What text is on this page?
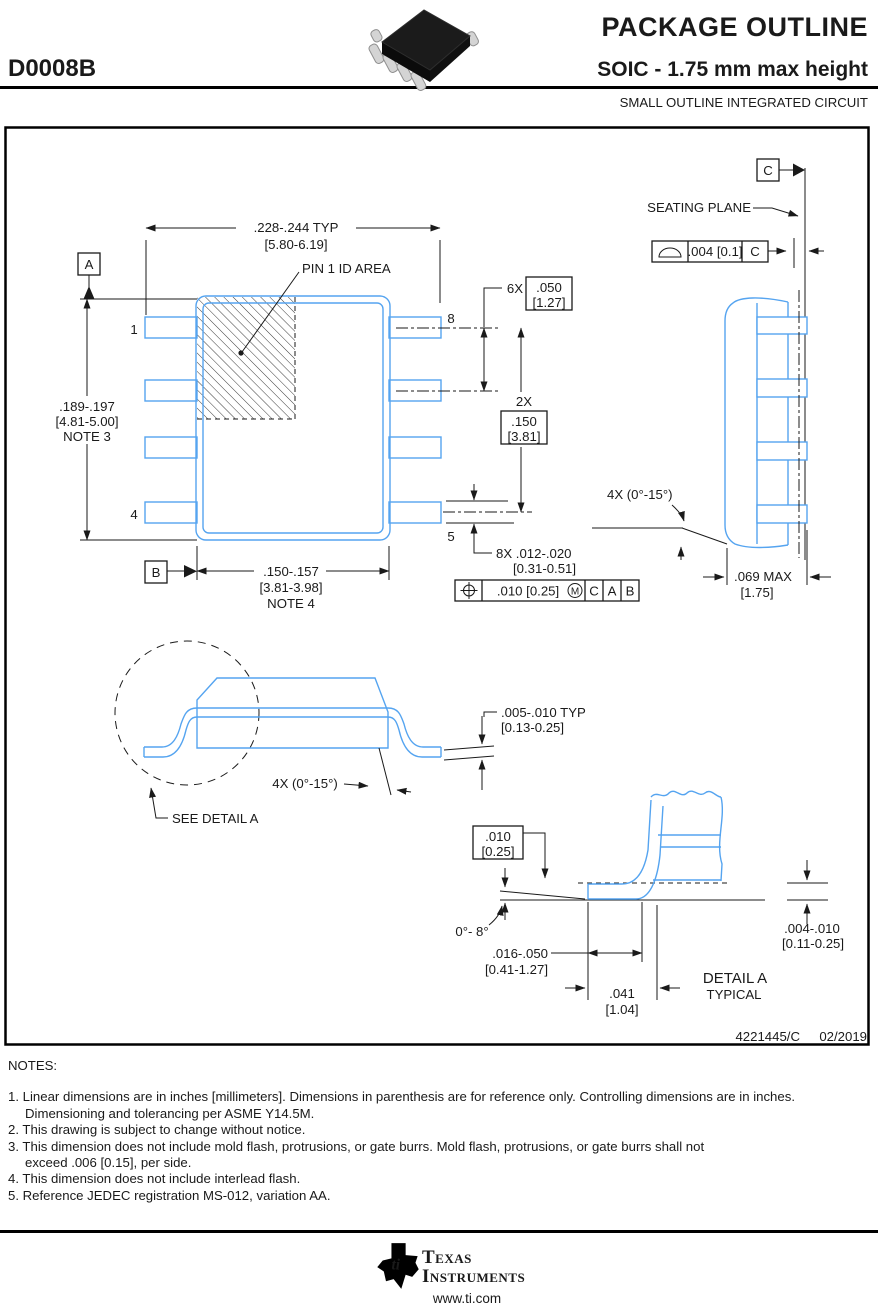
PACKAGE OUTLINE
D0008B	SOIC - 1.75 mm max height
SMALL OUTLINE INTEGRATED CIRCUIT
PIN 1 ID AREA
1
8
4
5
.228-.244 TYP
[5.80-6.19]
A
.189-.197
[4.81-5.00]
NOTE 3
B	.150-.157
[3.81-3.98]
NOTE 4
6X .050
[1.27]
2X
.150
[3.81]
8X .012-.020
[0.31-0.51]
.010 [0.25] M C A B
C
SEATING PLANE
.004 [0.1] C
4X (0°-15°)
.069 MAX
[1.75]
SEE DETAIL A
4X (0°-15°)
.005-.010 TYP
[0.13-0.25]
.010
[0.25]
0°- 8°
.016-.050
[0.41-1.27]
.041
[1.04]
.004-.010
[0.11-0.25]
DETAIL A
TYPICAL
4221445/C 02/2019
NOTES:
1. Linear dimensions are in inches [millimeters]. Dimensions in parenthesis are for reference only. Controlling dimensions are in inches.
Dimensioning and tolerancing per ASME Y14.5M.
2. This drawing is subject to change without notice.
3. This dimension does not include mold flash, protrusions, or gate burrs. Mold flash, protrusions, or gate burrs shall not
exceed .006 [0.15], per side.
4. This dimension does not include interlead flash.
5. Reference JEDEC registration MS-012, variation AA.
ti Texas
Instruments
www.ti.com
